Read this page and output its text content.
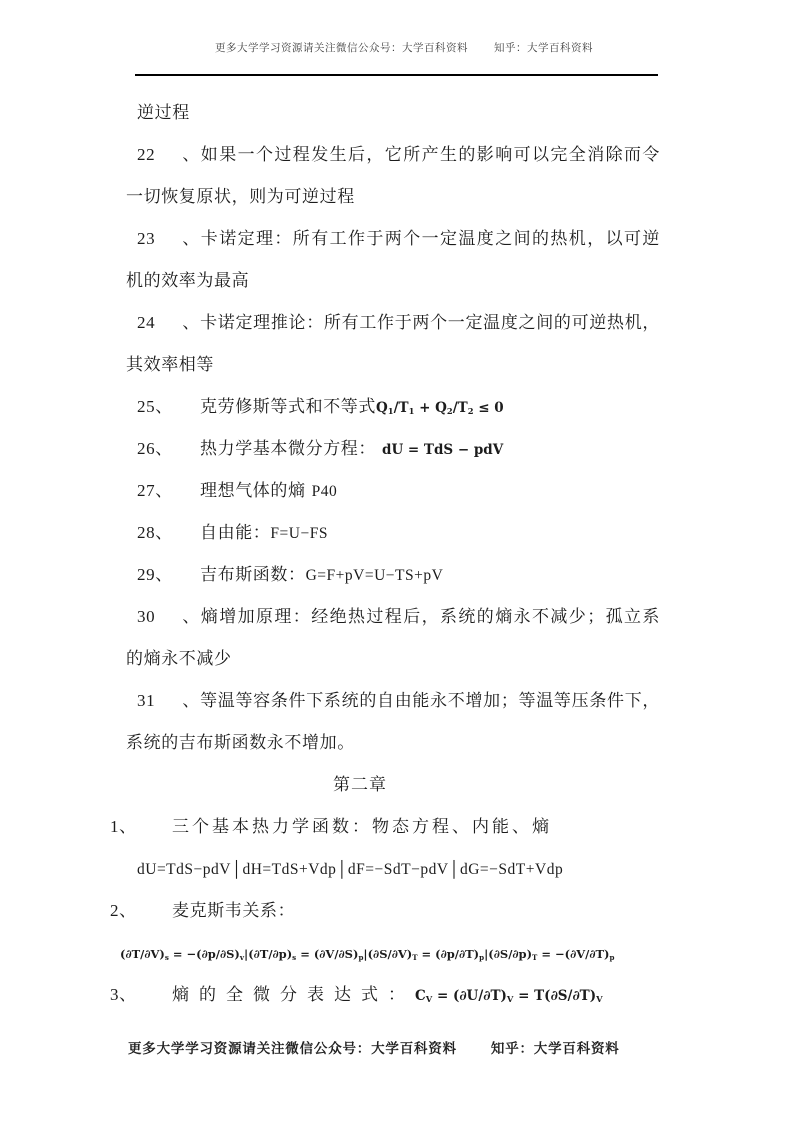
更多大学学习资源请关注微信公众号：大学百科资料 知乎：大学百科资料
逆过程
22、如果一个过程发生后，它所产生的影响可以完全消除而令
一切恢复原状，则为可逆过程
23、卡诺定理：所有工作于两个一定温度之间的热机，以可逆
机的效率为最高
24、卡诺定理推论：所有工作于两个一定温度之间的可逆热机，
其效率相等
25、 克劳修斯等式和不等式$Q_1/T_1 + Q_2/T_2 \le 0$
26、 热力学基本微分方程： dU = TdS − pdV
27、 理想气体的熵 P40
28、 自由能：F=U−FS
29、 吉布斯函数：G=F+pV=U−TS+pV
30、熵增加原理：经绝热过程后，系统的熵永不减少；孤立系
的熵永不减少
31、等温等容条件下系统的自由能永不增加；等温等压条件下，
系统的吉布斯函数永不增加。
第二章
1、 三个基本热力学函数：物态方程、内能、熵
dU=TdS−pdV│dH=TdS+Vdp│dF=−SdT−pdV│dG=−SdT+Vdp
2、 麦克斯韦关系：
$(\partial T/\partial V)_s = -(\partial p/\partial S)_v|(\partial T/\partial p)_s = (\partial V/\partial S)_p|(\partial S/\partial V)_T = (\partial p/\partial T)_p|(\partial S/\partial p)_T = -(\partial V/\partial T)_p$
3、 熵的全微分表达式：$C_V = (\partial U/\partial T)_V = T(\partial S/\partial T)_V$
更多大学学习资源请关注微信公众号：大学百科资料	知乎：大学百科资料
